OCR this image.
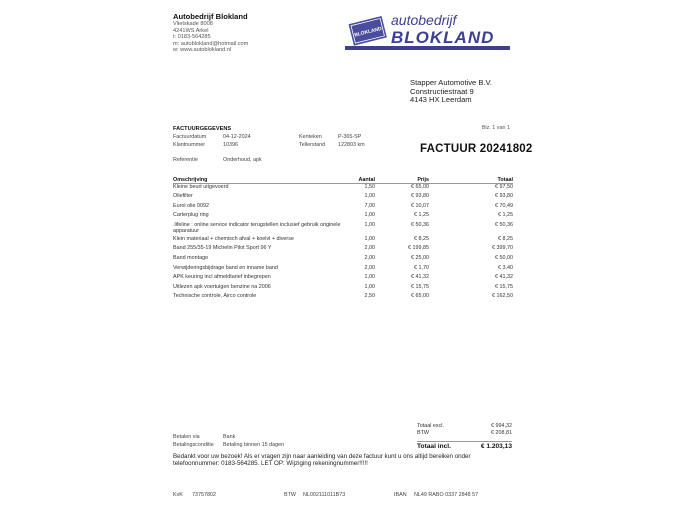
Autobedrijf Blokland
Vlietskade 8008
4241WS Arkel
t: 0183-564285
m: autoblokland@hotmail.com
w: www.autoblokland.nl
BLOKLAND
autobedrijf
BLOKLAND
Stapper Automotive B.V.
Constructiestraat 9
4143 HX Leerdam
Blz. 1 van 1
FACTUURGEGEVENS
Factuurdatum	04-12-2024
Klantnummer	10396
Kenteken	P-365-SP
Tellerstand 122803 km
Referentie	Onderhoud, apk
FACTUUR 20241802
Omschrijving	Aantal	Prijs	Totaal
Kleine beurt uitgevoerd	1,50	€ 65,00	€ 97,50
Oliefilter	1,00	€ 93,80	€ 93,80
Eurol olie 0092	7,00	€ 10,07	€ 70,49
Carterplug ring	1,00	€ 1,25	€ 1,25
.lifeline : online service indicator terugstellen inclusief gebruik originele apparatuur	1,00	€ 50,36	€ 50,36
Klein materiaal + chemisch afval + koelvl + diverse	1,00	€ 8,25	€ 8,25
Band 255/35-19 Michelin Pilot Sport 96 Y	2,00	€ 199,85	€ 399,70
Band montage	2,00	€ 25,00	€ 50,00
Verwijderingsbijdrage band en inname band	2,00	€ 1,70	€ 3,40
APK keuring incl afmeldtarief inbegrepen	1,00	€ 41,32	€ 41,32
Uitlezen apk voertuigen benzine na 2006	1,00	€ 15,75	€ 15,75
Technische controle, Airco controle	2,50	€ 65,00	€ 162,50
Totaal excl.	€ 994,32
BTW	€ 208,81
Totaal incl.	€ 1.203,13
Betalen via	Bank
Betalingsconditie Betaling binnen 15 dagen
Bedankt voor uw bezoek! Als er vragen zijn naar aanleiding van deze factuur kunt u ons altijd bereiken onder telefoonnummer: 0183-564285. LET OP: Wijziging rekeningnummer!!!!!
KvK 73757802	BTW NL002111011B73	IBAN NL49 RABO 0337 2848 57
